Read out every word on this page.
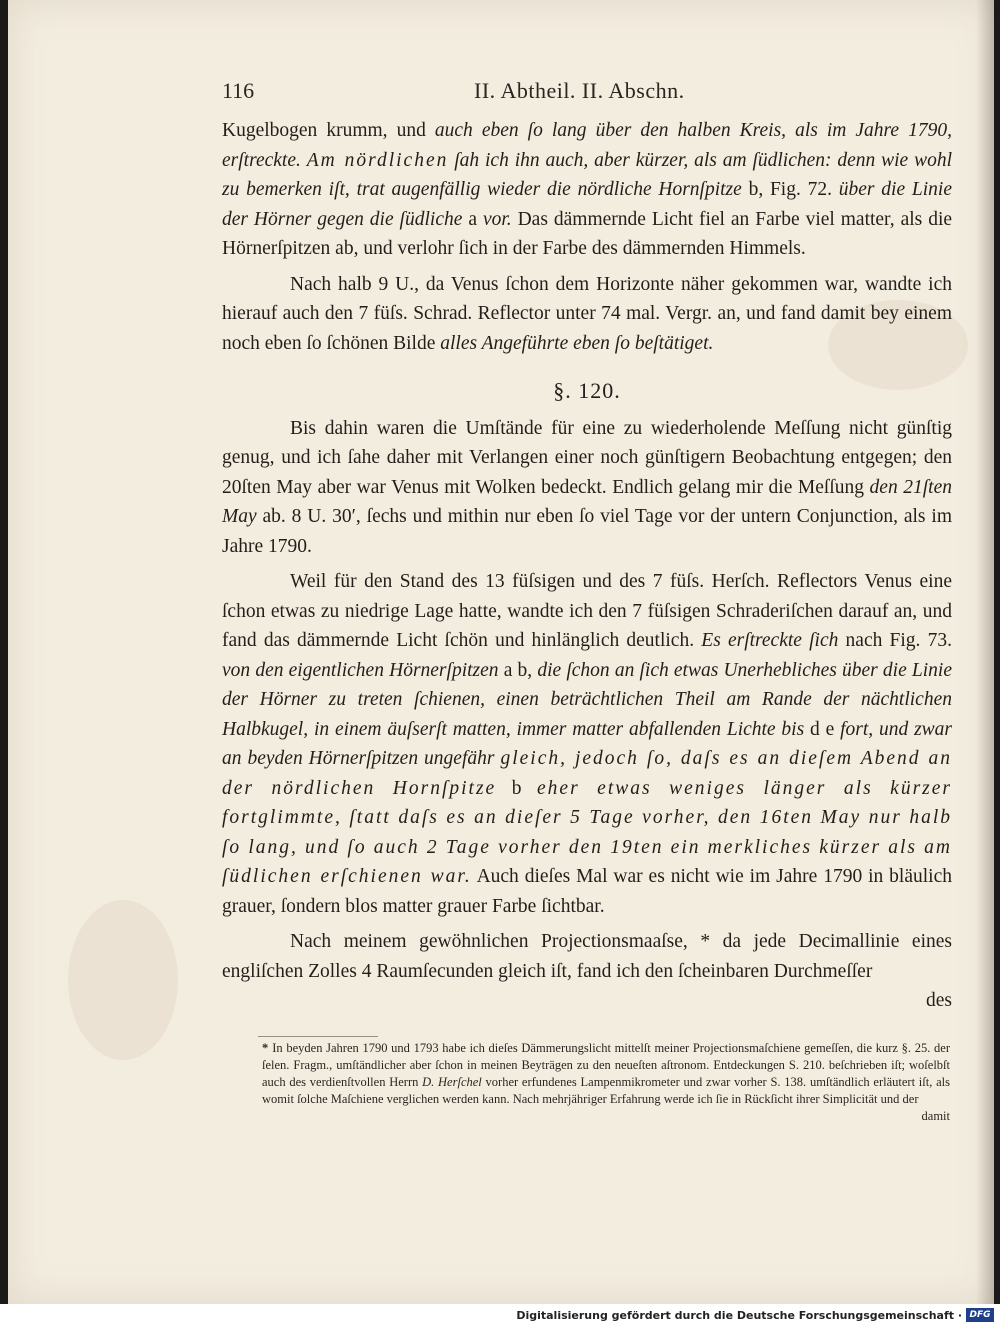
116	II. Abtheil. II. Abschn.

Kugelbogen krumm, und auch eben ſo lang über den halben Kreis, als im Jahre 1790, erſtreckte. Am nördlichen ſah ich ihn auch, aber kürzer, als am ſüdlichen: denn wie wohl zu bemerken iſt, trat augenfällig wieder die nördliche Hornſpitze b, Fig. 72. über die Linie der Hörner gegen die ſüdliche a vor. Das dämmernde Licht fiel an Farbe viel matter, als die Hörnerſpitzen ab, und verlohr ſich in der Farbe des dämmernden Himmels.

Nach halb 9 U., da Venus ſchon dem Horizonte näher gekommen war, wandte ich hierauf auch den 7 füſs. Schrad. Reflector unter 74 mal. Vergr. an, und fand damit bey einem noch eben ſo ſchönen Bilde alles Angeführte eben ſo beſtätiget.

§. 120.

Bis dahin waren die Umſtände für eine zu wiederholende Meſſung nicht günſtig genug, und ich ſahe daher mit Verlangen einer noch günſtigern Beobachtung entgegen; den 20ſten May aber war Venus mit Wolken bedeckt. Endlich gelang mir die Meſſung den 21ſten May ab. 8 U. 30′, ſechs und mithin nur eben ſo viel Tage vor der untern Conjunction, als im Jahre 1790.

Weil für den Stand des 13 füſsigen und des 7 füſs. Herſch. Reflectors Venus eine ſchon etwas zu niedrige Lage hatte, wandte ich den 7 füſsigen Schraderiſchen darauf an, und fand das dämmernde Licht ſchön und hinlänglich deutlich. Es erſtreckte ſich nach Fig. 73. von den eigentlichen Hörnerſpitzen a b, die ſchon an ſich etwas Unerhebliches über die Linie der Hörner zu treten ſchienen, einen beträchtlichen Theil am Rande der nächtlichen Halbkugel, in einem äuſserſt matten, immer matter abfallenden Lichte bis d e fort, und zwar an beyden Hörnerſpitzen ungefähr gleich, jedoch ſo, daſs es an dieſem Abend an der nördlichen Hornſpitze b eher etwas weniges länger als kürzer fortglimmte, ſtatt daſs es an dieſer 5 Tage vorher, den 16ten May nur halb ſo lang, und ſo auch 2 Tage vorher den 19ten ein merkliches kürzer als am ſüdlichen erſchienen war. Auch dieſes Mal war es nicht wie im Jahre 1790 in bläulich grauer, ſondern blos matter grauer Farbe ſichtbar.

Nach meinem gewöhnlichen Projectionsmaaſse, * da jede Decimallinie eines engliſchen Zolles 4 Raumſecunden gleich iſt, fand ich den ſcheinbaren Durchmeſſer

des

* In beyden Jahren 1790 und 1793 habe ich dieſes Dämmerungslicht mittelſt meiner Projectionsmaſchiene gemeſſen, die kurz §. 25. der ſelen. Fragm., umſtändlicher aber ſchon in meinen Beyträgen zu den neueſten aſtronom. Entdeckungen S. 210. beſchrieben iſt; woſelbſt auch des verdienſtvollen Herrn D. Herſchel vorher erfundenes Lampenmikrometer und zwar vorher S. 138. umſtändlich erläutert iſt, als womit ſolche Maſchiene verglichen werden kann. Nach mehrjähriger Erfahrung werde ich ſie in Rückſicht ihrer Simplicität und der

damit

Digitalisierung gefördert durch die Deutsche Forschungsgemeinschaft · DFG
